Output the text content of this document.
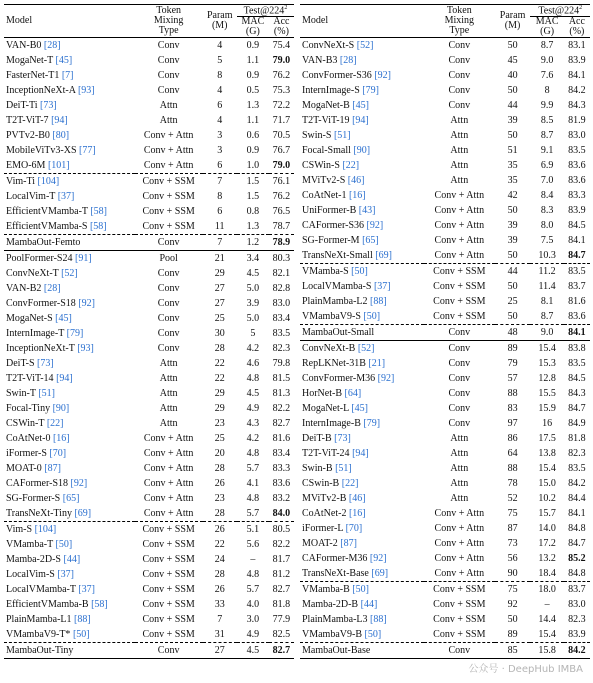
Model	Token
Mixing
Type	Param
(M)	$Test@224^2$
			MAC
(G)	Acc
(%)
VAN-B0 [28]	Conv	4	0.9	75.4
MogaNet-T [45]	Conv	5	1.1	79.0
FasterNet-T1 [7]	Conv	8	0.9	76.2
InceptionNeXt-A [93]	Conv	4	0.5	75.3
DeiT-Ti [73]	Attn	6	1.3	72.2
T2T-ViT-7 [94]	Attn	4	1.1	71.7
PVTv2-B0 [80]	Conv + Attn	3	0.6	70.5
MobileViTv3-XS [77]	Conv + Attn	3	0.9	76.7
EMO-6M [101]	Conv + Attn	6	1.0	79.0
Vim-Ti [104]	Conv + SSM	7	1.5	76.1
LocalVim-T [37]	Conv + SSM	8	1.5	76.2
EfficientVMamba-T [58]	Conv + SSM	6	0.8	76.5
EfficientVMamba-S [58]	Conv + SSM	11	1.3	78.7
MambaOut-Femto	Conv	7	1.2	78.9
PoolFormer-S24 [91]	Pool	21	3.4	80.3
ConvNeXt-T [52]	Conv	29	4.5	82.1
VAN-B2 [28]	Conv	27	5.0	82.8
ConvFormer-S18 [92]	Conv	27	3.9	83.0
MogaNet-S [45]	Conv	25	5.0	83.4
InternImage-T [79]	Conv	30	5	83.5
InceptionNeXt-T [93]	Conv	28	4.2	82.3
DeiT-S [73]	Attn	22	4.6	79.8
T2T-ViT-14 [94]	Attn	22	4.8	81.5
Swin-T [51]	Attn	29	4.5	81.3
Focal-Tiny [90]	Attn	29	4.9	82.2
CSWin-T [22]	Attn	23	4.3	82.7
CoAtNet-0 [16]	Conv + Attn	25	4.2	81.6
iFormer-S [70]	Conv + Attn	20	4.8	83.4
MOAT-0 [87]	Conv + Attn	28	5.7	83.3
CAFormer-S18 [92]	Conv + Attn	26	4.1	83.6
SG-Former-S [65]	Conv + Attn	23	4.8	83.2
TransNeXt-Tiny [69]	Conv + Attn	28	5.7	84.0
Vim-S [104]	Conv + SSM	26	5.1	80.5
VMamba-T [50]	Conv + SSM	22	5.6	82.2
Mamba-2D-S [44]	Conv + SSM	24	–	81.7
LocalVim-S [37]	Conv + SSM	28	4.8	81.2
LocalVMamba-T [37]	Conv + SSM	26	5.7	82.7
EfficientVMamba-B [58]	Conv + SSM	33	4.0	81.8
PlainMamba-L1 [88]	Conv + SSM	7	3.0	77.9
VMambaV9-T* [50]	Conv + SSM	31	4.9	82.5
MambaOut-Tiny	Conv	27	4.5	82.7
Model	Token
Mixing
Type	Param
(M)	$Test@224^2$
			MAC
(G)	Acc
(%)
ConvNeXt-S [52]	Conv	50	8.7	83.1
VAN-B3 [28]	Conv	45	9.0	83.9
ConvFormer-S36 [92]	Conv	40	7.6	84.1
InternImage-S [79]	Conv	50	8	84.2
MogaNet-B [45]	Conv	44	9.9	84.3
T2T-ViT-19 [94]	Attn	39	8.5	81.9
Swin-S [51]	Attn	50	8.7	83.0
Focal-Small [90]	Attn	51	9.1	83.5
CSWin-S [22]	Attn	35	6.9	83.6
MViTv2-S [46]	Attn	35	7.0	83.6
CoAtNet-1 [16]	Conv + Attn	42	8.4	83.3
UniFormer-B [43]	Conv + Attn	50	8.3	83.9
CAFormer-S36 [92]	Conv + Attn	39	8.0	84.5
SG-Former-M [65]	Conv + Attn	39	7.5	84.1
TransNeXt-Small [69]	Conv + Attn	50	10.3	84.7
VMamba-S [50]	Conv + SSM	44	11.2	83.5
LocalVMamba-S [37]	Conv + SSM	50	11.4	83.7
PlainMamba-L2 [88]	Conv + SSM	25	8.1	81.6
VMambaV9-S [50]	Conv + SSM	50	8.7	83.6
MambaOut-Small	Conv	48	9.0	84.1
ConvNeXt-B [52]	Conv	89	15.4	83.8
RepLKNet-31B [21]	Conv	79	15.3	83.5
ConvFormer-M36 [92]	Conv	57	12.8	84.5
HorNet-B [64]	Conv	88	15.5	84.3
MogaNet-L [45]	Conv	83	15.9	84.7
InternImage-B [79]	Conv	97	16	84.9
DeiT-B [73]	Attn	86	17.5	81.8
T2T-ViT-24 [94]	Attn	64	13.8	82.3
Swin-B [51]	Attn	88	15.4	83.5
CSwin-B [22]	Attn	78	15.0	84.2
MViTv2-B [46]	Attn	52	10.2	84.4
CoAtNet-2 [16]	Conv + Attn	75	15.7	84.1
iFormer-L [70]	Conv + Attn	87	14.0	84.8
MOAT-2 [87]	Conv + Attn	73	17.2	84.7
CAFormer-M36 [92]	Conv + Attn	56	13.2	85.2
TransNeXt-Base [69]	Conv + Attn	90	18.4	84.8
VMamba-B [50]	Conv + SSM	75	18.0	83.7
Mamba-2D-B [44]	Conv + SSM	92	–	83.0
PlainMamba-L3 [88]	Conv + SSM	50	14.4	82.3
VMambaV9-B [50]	Conv + SSM	89	15.4	83.9
MambaOut-Base	Conv	85	15.8	84.2
公众号 · DeepHub IMBA
